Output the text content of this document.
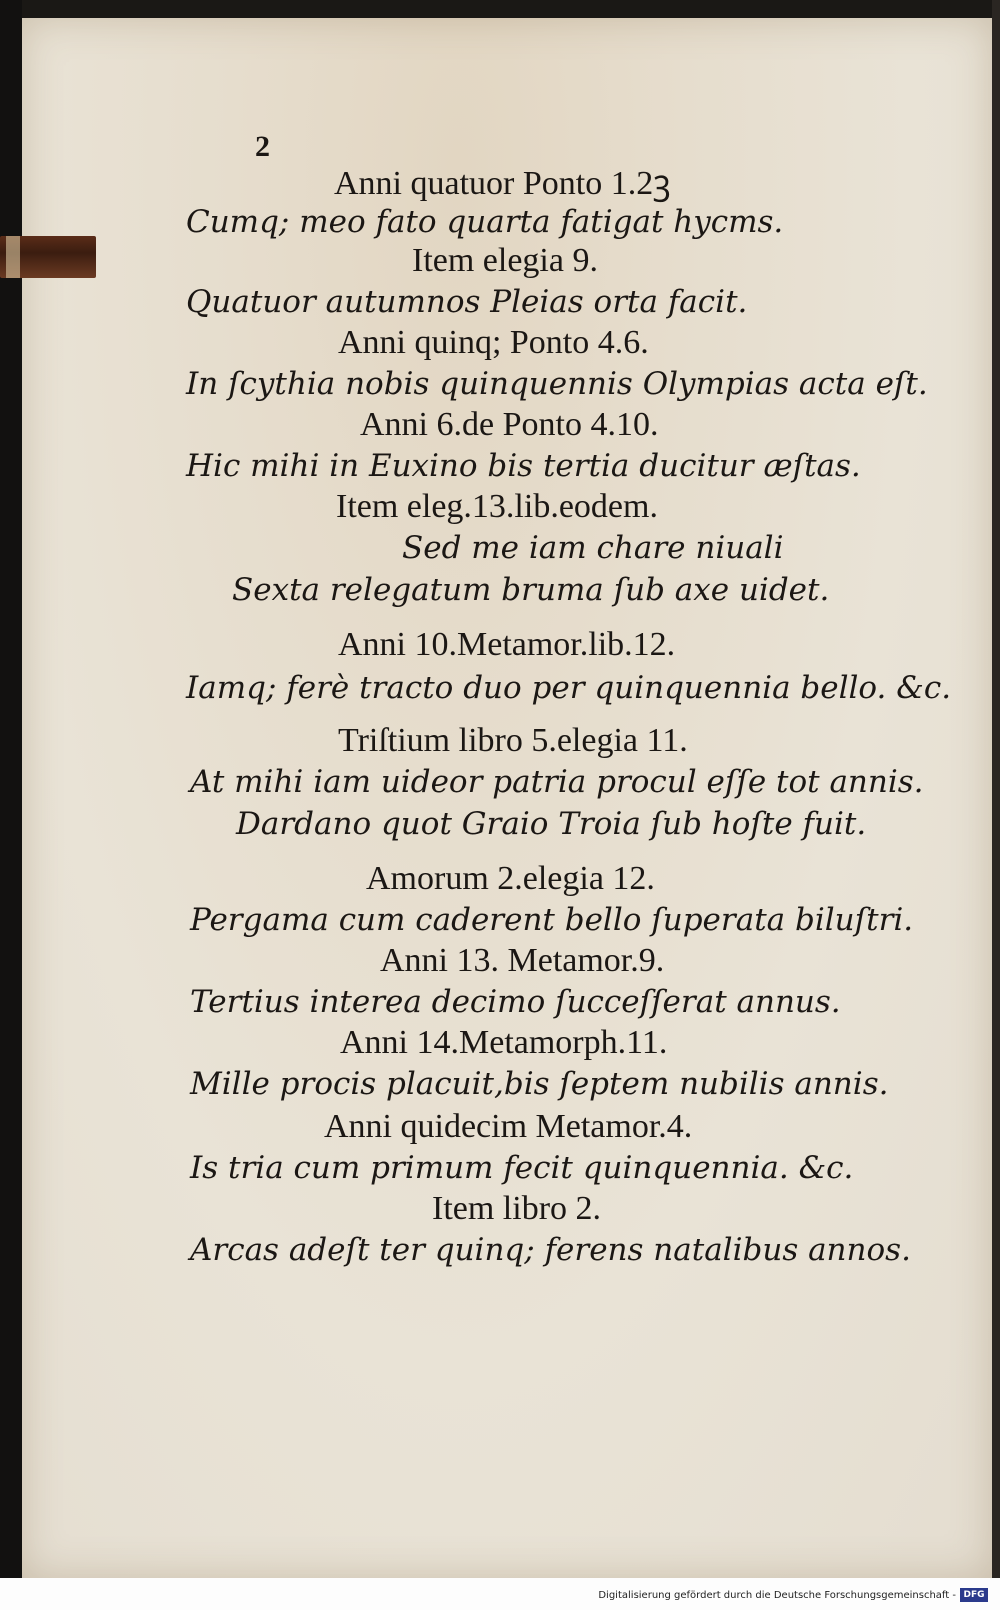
2
Anni quatuor Ponto 1.2ꝫ
Cumq; meo fato quarta fatigat hycms.
Item elegia 9.
Quatuor autumnos Pleias orta facit.
Anni quinq; Ponto 4.6.
In ſcythia nobis quinquennis Olympias acta eſt.
Anni 6.de Ponto 4.10.
Hic mihi in Euxino bis tertia ducitur æſtas.
Item eleg.13.lib.eodem.
Sed me iam chare niuali
Sexta relegatum bruma ſub axe uidet.
Anni 10.Metamor.lib.12.
Iamq; ferè tracto duo per quinquennia bello. &c.
Triſtium libro 5.elegia 11.
At mihi iam uideor patria procul eſſe tot annis.
Dardano quot Graio Troia ſub hoſte fuit.
Amorum 2.elegia 12.
Pergama cum caderent bello ſuperata biluſtri.
Anni 13. Metamor.9.
Tertius interea decimo ſucceſſerat annus.
Anni 14.Metamorph.11.
Mille procis placuit,bis ſeptem nubilis annis.
Anni quidecim Metamor.4.
Is tria cum primum fecit quinquennia. &c.
Item libro 2.
Arcas adeſt ter quinq; ferens natalibus annos.
Digitalisierung gefördert durch die Deutsche Forschungsgemeinschaft - DFG
